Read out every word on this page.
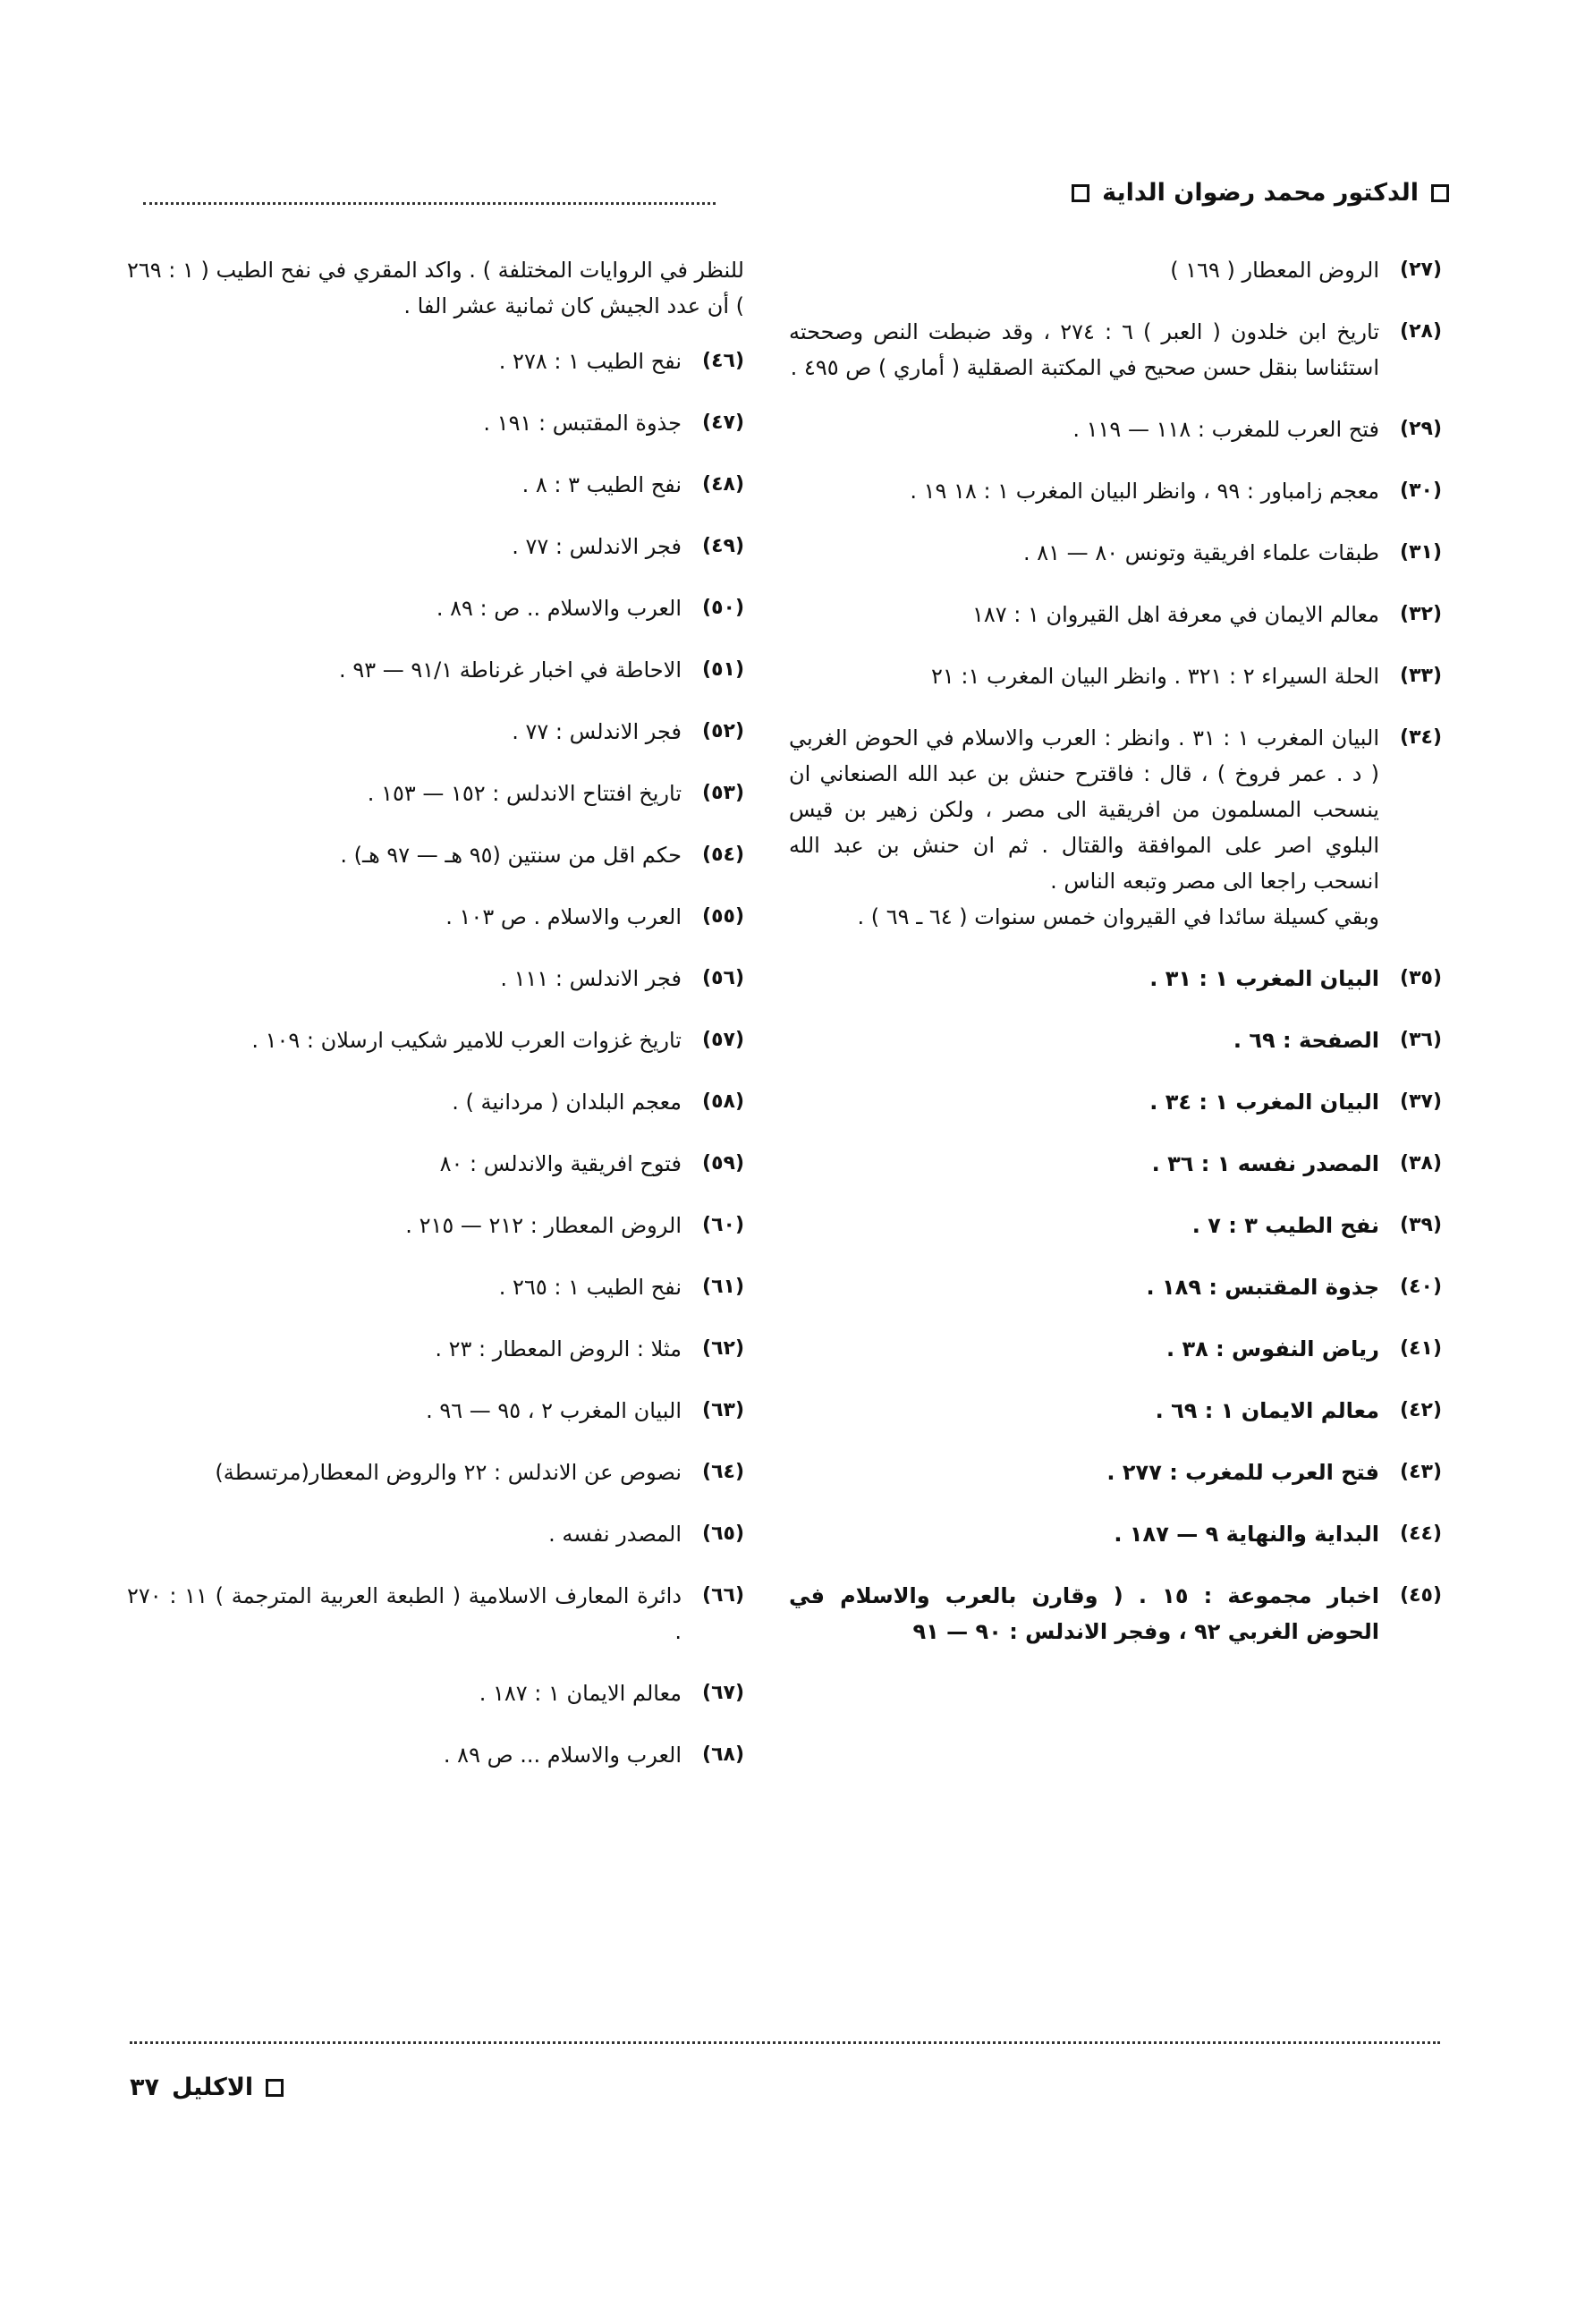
الدكتور محمد رضوان الداية
(٢٧)
الروض المعطار ( ١٦٩ )
(٢٨)
تاريخ ابن خلدون ( العبر ) ٦ : ٢٧٤ ، وقد ضبطت النص وصححته استئناسا بنقل حسن صحيح في المكتبة الصقلية ( أماري ) ص ٤٩٥ .
(٢٩)
فتح العرب للمغرب : ١١٨ — ١١٩ .
(٣٠)
معجم زامباور : ٩٩ ، وانظر البيان المغرب ١ : ١٨ ١٩ .
(٣١)
طبقات علماء افريقية وتونس ٨٠ — ٨١ .
(٣٢)
معالم الايمان في معرفة اهل القيروان ١ : ١٨٧
(٣٣)
الحلة السيراء ٢ : ٣٢١ . وانظر البيان المغرب ١: ٢١
(٣٤)
البيان المغرب ١ : ٣١ . وانظر : العرب والاسلام في الحوض الغربي ( د . عمر فروخ ) ، قال : فاقترح حنش بن عبد الله الصنعاني ان ينسحب المسلمون من افريقية الى مصر ، ولكن زهير بن قيس البلوي اصر على الموافقة والقتال . ثم ان حنش بن عبد الله انسحب راجعا الى مصر وتبعه الناس .
وبقي كسيلة سائدا في القيروان خمس سنوات ( ٦٤ ـ ٦٩ ) .
(٣٥)
البيان المغرب ١ : ٣١ .
(٣٦)
الصفحة : ٦٩ .
(٣٧)
البيان المغرب ١ : ٣٤ .
(٣٨)
المصدر نفسه ١ : ٣٦ .
(٣٩)
نفح الطيب ٣ : ٧ .
(٤٠)
جذوة المقتبس : ١٨٩ .
(٤١)
رياض النفوس : ٣٨ .
(٤٢)
معالم الايمان ١ : ٦٩ .
(٤٣)
فتح العرب للمغرب : ٢٧٧ .
(٤٤)
البداية والنهاية ٩ — ١٨٧ .
(٤٥)
اخبار مجموعة : ١٥ . ( وقارن بالعرب والاسلام في الحوض الغربي ٩٢ ، وفجر الاندلس : ٩٠ — ٩١
للنظر في الروايات المختلفة ) . واكد المقري في نفح الطيب ( ١ : ٢٦٩ ) أن عدد الجيش كان ثمانية عشر الفا .
(٤٦)
نفح الطيب ١ : ٢٧٨ .
(٤٧)
جذوة المقتبس : ١٩١ .
(٤٨)
نفح الطيب ٣ : ٨ .
(٤٩)
فجر الاندلس : ٧٧ .
(٥٠)
العرب والاسلام .. ص : ٨٩ .
(٥١)
الاحاطة في اخبار غرناطة ٩١/١ — ٩٣ .
(٥٢)
فجر الاندلس : ٧٧ .
(٥٣)
تاريخ افتتاح الاندلس : ١٥٢ — ١٥٣ .
(٥٤)
حكم اقل من سنتين (٩٥ هـ — ٩٧ هـ) .
(٥٥)
العرب والاسلام . ص ١٠٣ .
(٥٦)
فجر الاندلس : ١١١ .
(٥٧)
تاريخ غزوات العرب للامير شكيب ارسلان : ١٠٩ .
(٥٨)
معجم البلدان ( مردانية ) .
(٥٩)
فتوح افريقية والاندلس : ٨٠
(٦٠)
الروض المعطار : ٢١٢ — ٢١٥ .
(٦١)
نفح الطيب ١ : ٢٦٥ .
(٦٢)
مثلا : الروض المعطار : ٢٣ .
(٦٣)
البيان المغرب ٢ ، ٩٥ — ٩٦ .
(٦٤)
نصوص عن الاندلس : ٢٢ والروض المعطار(مرتسطة)
(٦٥)
المصدر نفسه .
(٦٦)
دائرة المعارف الاسلامية ( الطبعة العربية المترجمة ) ١١ : ٢٧٠ .
(٦٧)
معالم الايمان ١ : ١٨٧ .
(٦٨)
العرب والاسلام ... ص ٨٩ .
الاكليل
٣٧
